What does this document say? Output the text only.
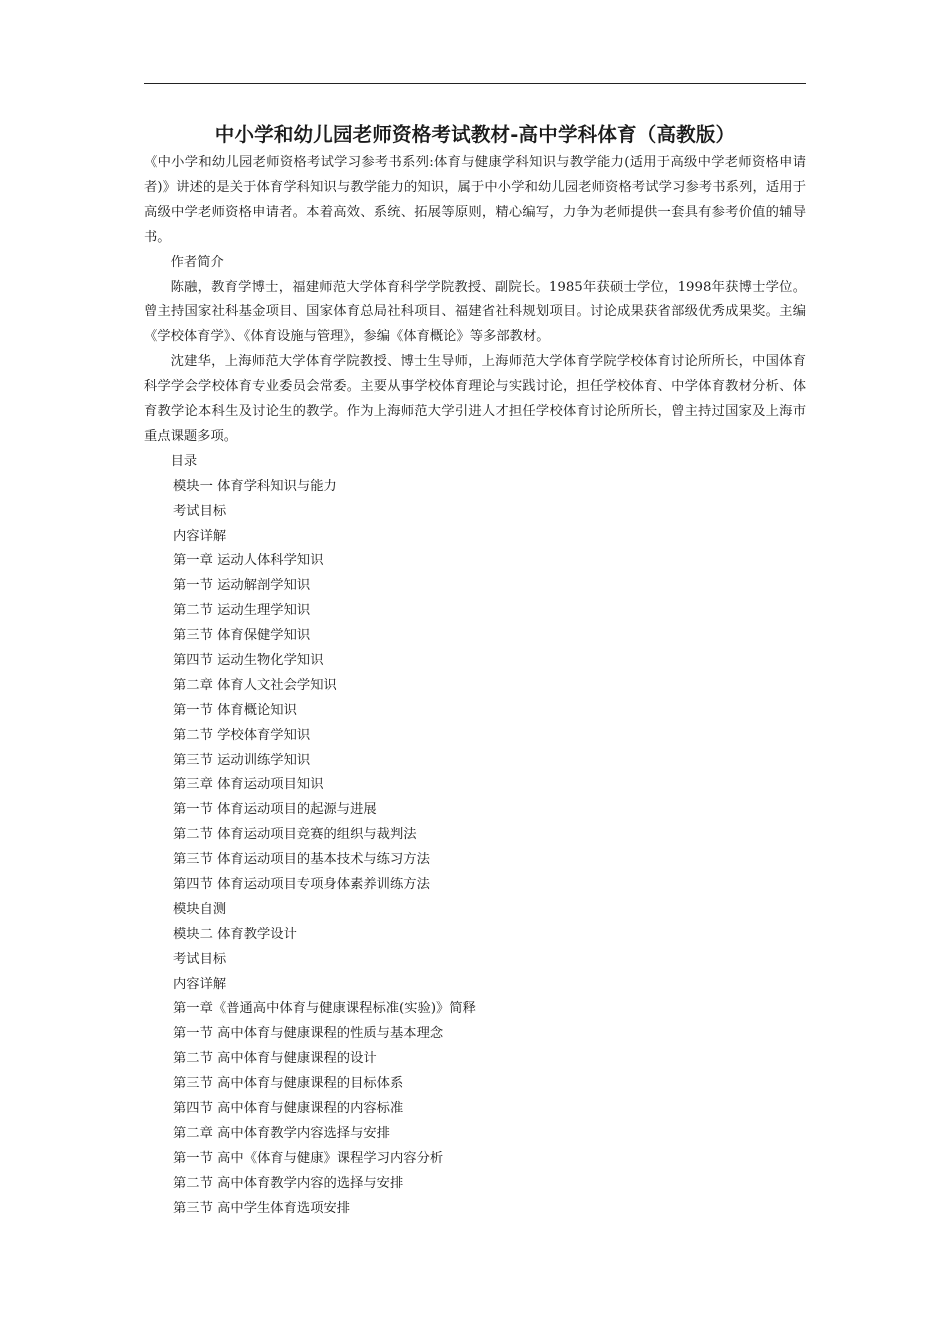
中小学和幼儿园老师资格考试教材-高中学科体育（高教版）

《中小学和幼儿园老师资格考试学习参考书系列:体育与健康学科知识与教学能力(适用于高级中学老师资格申请者)》讲述的是关于体育学科知识与教学能力的知识，属于中小学和幼儿园老师资格考试学习参考书系列，适用于高级中学老师资格申请者。本着高效、系统、拓展等原则，精心编写，力争为老师提供一套具有参考价值的辅导书。

作者简介

陈融，教育学博士，福建师范大学体育科学学院教授、副院长。1985年获硕士学位，1998年获博士学位。曾主持国家社科基金项目、国家体育总局社科项目、福建省社科规划项目。讨论成果获省部级优秀成果奖。主编《学校体育学》、《体育设施与管理》，参编《体育概论》等多部教材。

沈建华，上海师范大学体育学院教授、博士生导师，上海师范大学体育学院学校体育讨论所所长，中国体育科学学会学校体育专业委员会常委。主要从事学校体育理论与实践讨论，担任学校体育、中学体育教材分析、体育教学论本科生及讨论生的教学。作为上海师范大学引进人才担任学校体育讨论所所长，曾主持过国家及上海市重点课题多项。

目录

模块一 体育学科知识与能力
考试目标
内容详解
第一章 运动人体科学知识
第一节 运动解剖学知识
第二节 运动生理学知识
第三节 体育保健学知识
第四节 运动生物化学知识
第二章 体育人文社会学知识
第一节 体育概论知识
第二节 学校体育学知识
第三节 运动训练学知识
第三章 体育运动项目知识
第一节 体育运动项目的起源与进展
第二节 体育运动项目竞赛的组织与裁判法
第三节 体育运动项目的基本技术与练习方法
第四节 体育运动项目专项身体素养训练方法
模块自测
模块二 体育教学设计
考试目标
内容详解
第一章《普通高中体育与健康课程标准(实验)》简释
第一节 高中体育与健康课程的性质与基本理念
第二节 高中体育与健康课程的设计
第三节 高中体育与健康课程的目标体系
第四节 高中体育与健康课程的内容标准
第二章 高中体育教学内容选择与安排
第一节 高中《体育与健康》课程学习内容分析
第二节 高中体育教学内容的选择与安排
第三节 高中学生体育选项安排
